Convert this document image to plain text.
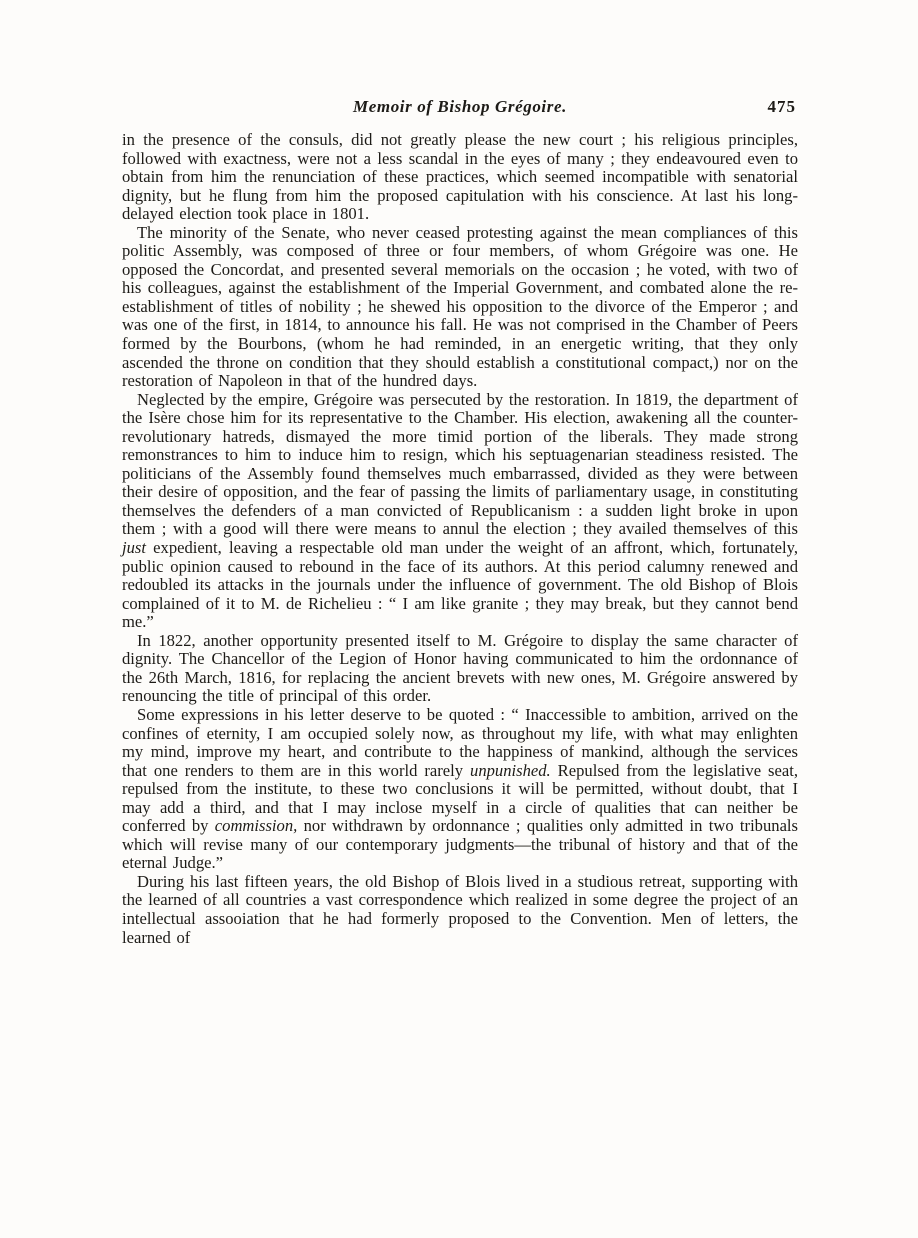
Memoir of Bishop Grégoire.	475

in the presence of the consuls, did not greatly please the new court ; his religious principles, followed with exactness, were not a less scandal in the eyes of many ; they endeavoured even to obtain from him the renunciation of these practices, which seemed incompatible with senatorial dignity, but he flung from him the proposed capitulation with his conscience. At last his long-delayed election took place in 1801.

The minority of the Senate, who never ceased protesting against the mean compliances of this politic Assembly, was composed of three or four members, of whom Grégoire was one. He opposed the Concordat, and presented several memorials on the occasion ; he voted, with two of his colleagues, against the establishment of the Imperial Government, and combated alone the re-establishment of titles of nobility ; he shewed his opposition to the divorce of the Emperor ; and was one of the first, in 1814, to announce his fall. He was not comprised in the Chamber of Peers formed by the Bourbons, (whom he had reminded, in an energetic writing, that they only ascended the throne on condition that they should establish a constitutional compact,) nor on the restoration of Napoleon in that of the hundred days.

Neglected by the empire, Grégoire was persecuted by the restoration. In 1819, the department of the Isère chose him for its representative to the Chamber. His election, awakening all the counter-revolutionary hatreds, dismayed the more timid portion of the liberals. They made strong remonstrances to him to induce him to resign, which his septuagenarian steadiness resisted. The politicians of the Assembly found themselves much embarrassed, divided as they were between their desire of opposition, and the fear of passing the limits of parliamentary usage, in constituting themselves the defenders of a man convicted of Republicanism : a sudden light broke in upon them ; with a good will there were means to annul the election ; they availed themselves of this just expedient, leaving a respectable old man under the weight of an affront, which, fortunately, public opinion caused to rebound in the face of its authors. At this period calumny renewed and redoubled its attacks in the journals under the influence of government. The old Bishop of Blois complained of it to M. de Richelieu : “ I am like granite ; they may break, but they cannot bend me.”

In 1822, another opportunity presented itself to M. Grégoire to display the same character of dignity. The Chancellor of the Legion of Honor having communicated to him the ordonnance of the 26th March, 1816, for replacing the ancient brevets with new ones, M. Grégoire answered by renouncing the title of principal of this order.

Some expressions in his letter deserve to be quoted : “ Inaccessible to ambition, arrived on the confines of eternity, I am occupied solely now, as throughout my life, with what may enlighten my mind, improve my heart, and contribute to the happiness of mankind, although the services that one renders to them are in this world rarely unpunished. Repulsed from the legislative seat, repulsed from the institute, to these two conclusions it will be permitted, without doubt, that I may add a third, and that I may inclose myself in a circle of qualities that can neither be conferred by commission, nor withdrawn by ordonnance ; qualities only admitted in two tribunals which will revise many of our contemporary judgments—the tribunal of history and that of the eternal Judge.”

During his last fifteen years, the old Bishop of Blois lived in a studious retreat, supporting with the learned of all countries a vast correspondence which realized in some degree the project of an intellectual assooiation that he had formerly proposed to the Convention. Men of letters, the learned of
